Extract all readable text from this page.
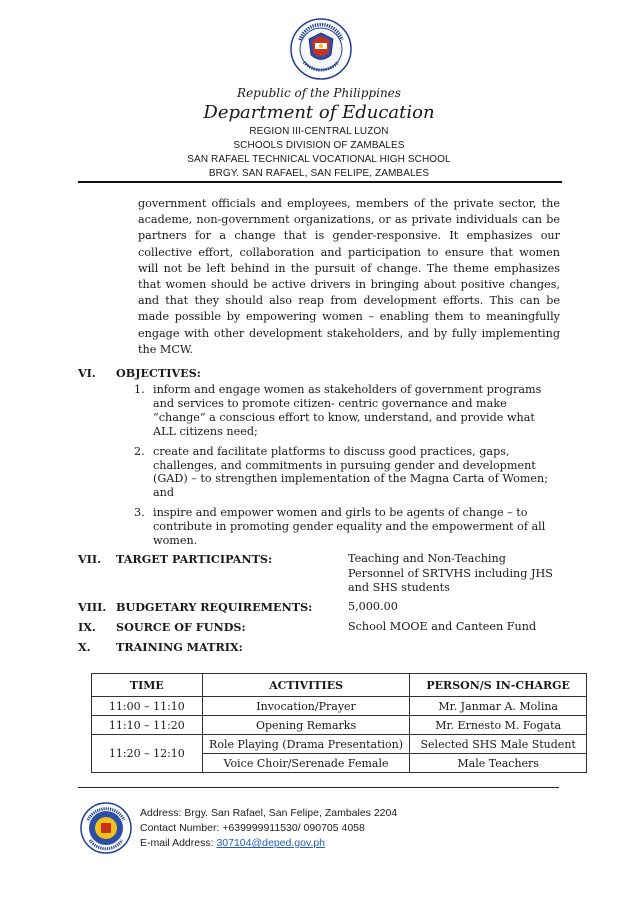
Republic of the Philippines
Department of Education
REGION III-CENTRAL LUZON
SCHOOLS DIVISION OF ZAMBALES
SAN RAFAEL TECHNICAL VOCATIONAL HIGH SCHOOL
BRGY. SAN RAFAEL, SAN FELIPE, ZAMBALES
government officials and employees, members of the private sector, the academe, non-government organizations, or as private individuals can be partners for a change that is gender-responsive. It emphasizes our collective effort, collaboration and participation to ensure that women will not be left behind in the pursuit of change. The theme emphasizes that women should be active drivers in bringing about positive changes, and that they should also reap from development efforts. This can be made possible by empowering women – enabling them to meaningfully engage with other development stakeholders, and by fully implementing the MCW.
VI. OBJECTIVES:
1. inform and engage women as stakeholders of government programs and services to promote citizen- centric governance and make “change” a conscious effort to know, understand, and provide what ALL citizens need;
2. create and facilitate platforms to discuss good practices, gaps, challenges, and commitments in pursuing gender and development (GAD) – to strengthen implementation of the Magna Carta of Women; and
3. inspire and empower women and girls to be agents of change – to contribute in promoting gender equality and the empowerment of all women.
VII. TARGET PARTICIPANTS:	Teaching and Non-Teaching Personnel of SRTVHS including JHS and SHS students
VIII. BUDGETARY REQUIREMENTS:	5,000.00
IX. SOURCE OF FUNDS:	School MOOE and Canteen Fund
X. TRAINING MATRIX:
TIME	ACTIVITIES	PERSON/S IN-CHARGE
11:00 – 11:10	Invocation/Prayer	Mr. Janmar A. Molina
11:10 – 11:20	Opening Remarks	Mr. Ernesto M. Fogata
11:20 – 12:10	Role Playing (Drama Presentation)	Selected SHS Male Student
	Voice Choir/Serenade Female	Male Teachers
Address: Brgy. San Rafael, San Felipe, Zambales 2204
Contact Number: +639999911530/ 090705 4058
E-mail Address: 307104@deped.gov.ph
